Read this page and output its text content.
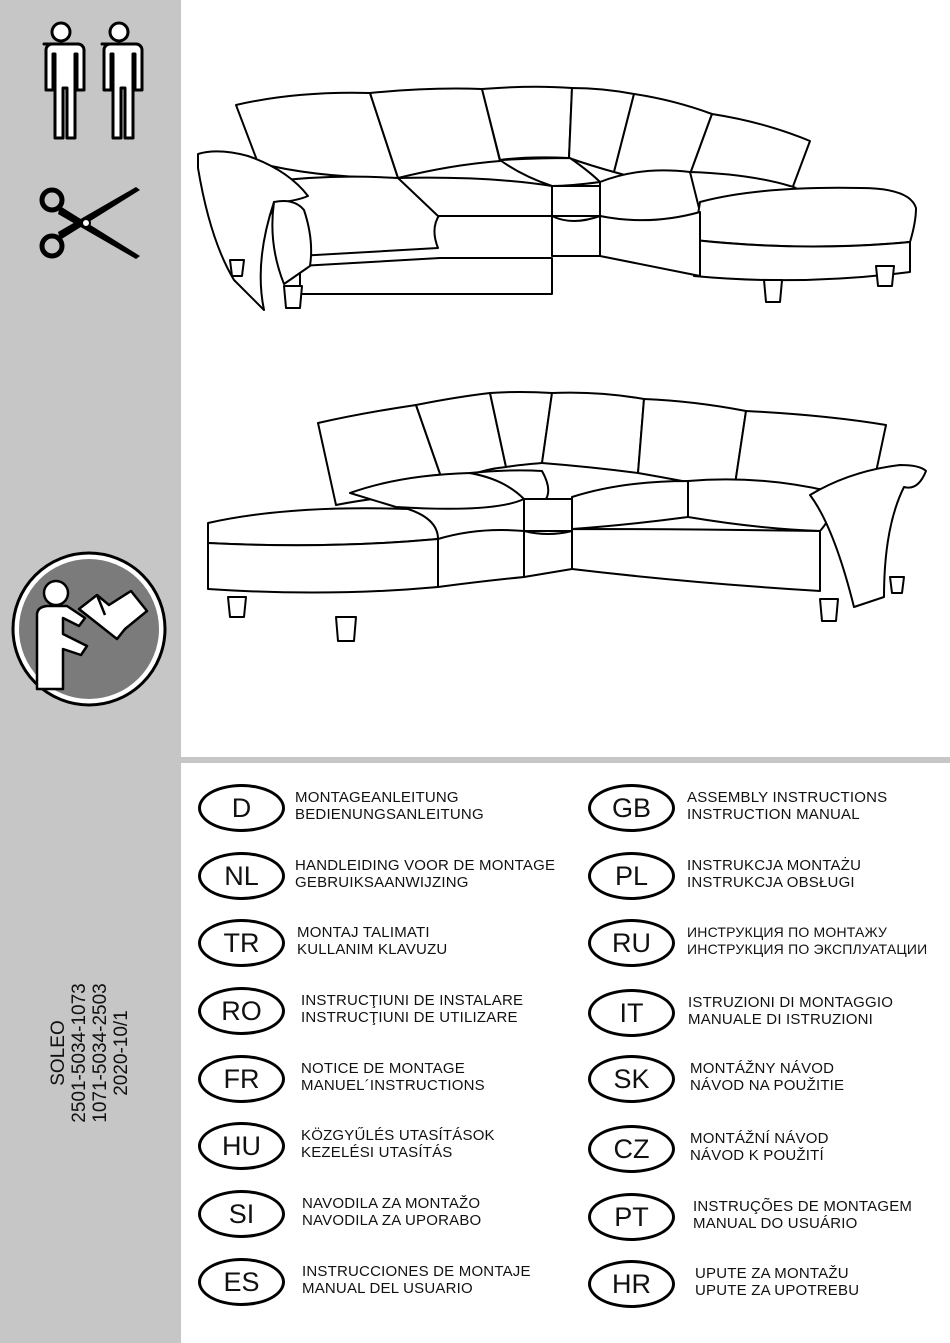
SOLEO 2501-5034-1073 1071-5034-2503 2020-10/1
D	MONTAGEANLEITUNG
BEDIENUNGSANLEITUNG
NL	HANDLEIDING VOOR DE MONTAGE
GEBRUIKSAANWIJZING
TR	MONTAJ TALIMATI
KULLANIM KLAVUZU
RO	INSTRUCŢIUNI DE INSTALARE
INSTRUCŢIUNI DE UTILIZARE
FR	NOTICE DE MONTAGE
MANUEL´INSTRUCTIONS
HU	KÖZGYŰLÉS UTASÍTÁSOK
KEZELÉSI UTASÍTÁS
SI	NAVODILA ZA MONTAŽO
NAVODILA ZA UPORABO
ES	INSTRUCCIONES DE MONTAJE
MANUAL DEL USUARIO
GB	ASSEMBLY INSTRUCTIONS
INSTRUCTION MANUAL
PL	INSTRUKCJA MONTAŻU
INSTRUKCJA OBSŁUGI
RU	ИНСТРУКЦИЯ ПО МОНТАЖУ
ИНСТРУКЦИЯ ПО ЭКСПЛУАТАЦИИ
IT	ISTRUZIONI DI MONTAGGIO
MANUALE DI ISTRUZIONI
SK	MONTÁŽNY NÁVOD
NÁVOD NA POUŽITIE
CZ	MONTÁŽNÍ NÁVOD
NÁVOD K POUŽITÍ
PT	INSTRUÇÕES DE MONTAGEM
MANUAL DO USUÁRIO
HR	UPUTE ZA MONTAŽU
UPUTE ZA UPOTREBU
